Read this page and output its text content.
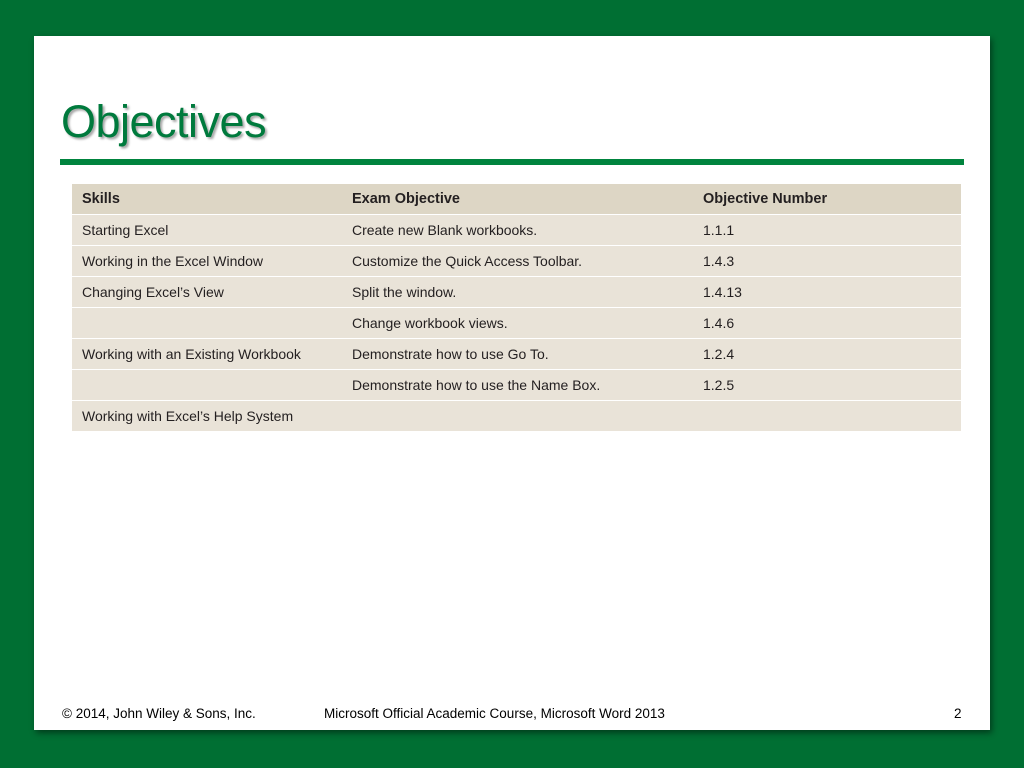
Objectives
Skills	Exam Objective	Objective Number
Starting Excel	Create new Blank workbooks.	1.1.1
Working in the Excel Window	Customize the Quick Access Toolbar.	1.4.3
Changing Excel’s View	Split the window.	1.4.13
	Change workbook views.	1.4.6
Working with an Existing Workbook	Demonstrate how to use Go To.	1.2.4
	Demonstrate how to use the Name Box.	1.2.5
Working with Excel’s Help System		
© 2014, John Wiley & Sons, Inc.	Microsoft Official Academic Course, Microsoft Word 2013	2
